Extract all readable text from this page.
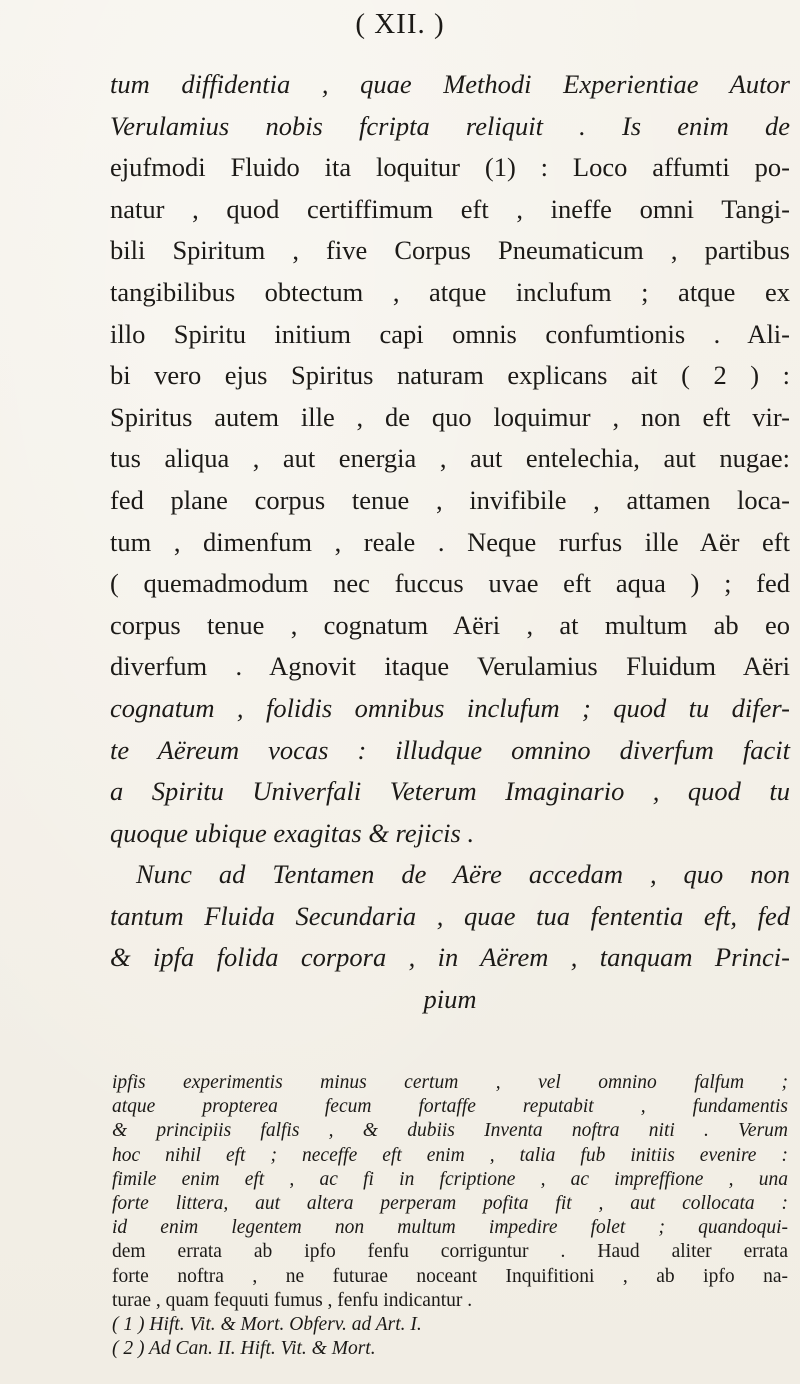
( XII. )
tum diffidentia , quae Methodi Experientiae Autor
Verulamius nobis fcripta reliquit . Is enim de
ejufmodi Fluido ita loquitur (1) : Loco affumti po-
natur , quod certiffimum eft , ineffe omni Tangi-
bili Spiritum , five Corpus Pneumaticum , partibus
tangibilibus obtectum , atque inclufum ; atque ex
illo Spiritu initium capi omnis confumtionis . Ali-
bi vero ejus Spiritus naturam explicans ait ( 2 ) :
Spiritus autem ille , de quo loquimur , non eft vir-
tus aliqua , aut energia , aut entelechia, aut nugae:
fed plane corpus tenue , invifibile , attamen loca-
tum , dimenfum , reale . Neque rurfus ille Aër eft
( quemadmodum nec fuccus uvae eft aqua ) ; fed
corpus tenue , cognatum Aëri , at multum ab eo
diverfum . Agnovit itaque Verulamius Fluidum Aëri
cognatum , folidis omnibus inclufum ; quod tu difer-
te Aëreum vocas : illudque omnino diverfum facit
a Spiritu Univerfali Veterum Imaginario , quod tu
quoque ubique exagitas & rejicis .
Nunc ad Tentamen de Aëre accedam , quo non
tantum Fluida Secundaria , quae tua fententia eft, fed
& ipfa folida corpora , in Aërem , tanquam Princi-
pium
ipfis experimentis minus certum , vel omnino falfum ;
atque propterea fecum fortaffe reputabit , fundamentis
& principiis falfis , & dubiis Inventa noftra niti . Verum
hoc nihil eft ; neceffe eft enim , talia fub initiis evenire :
fimile enim eft , ac fi in fcriptione , ac impreffione , una
forte littera, aut altera perperam pofita fit , aut collocata :
id enim legentem non multum impedire folet ; quandoqui-
dem errata ab ipfo fenfu corriguntur . Haud aliter errata
forte noftra , ne futurae noceant Inquifitioni , ab ipfo na-
turae , quam fequuti fumus , fenfu indicantur .
( 1 ) Hift. Vit. & Mort. Obferv. ad Art. I.
( 2 ) Ad Can. II. Hift. Vit. & Mort.
